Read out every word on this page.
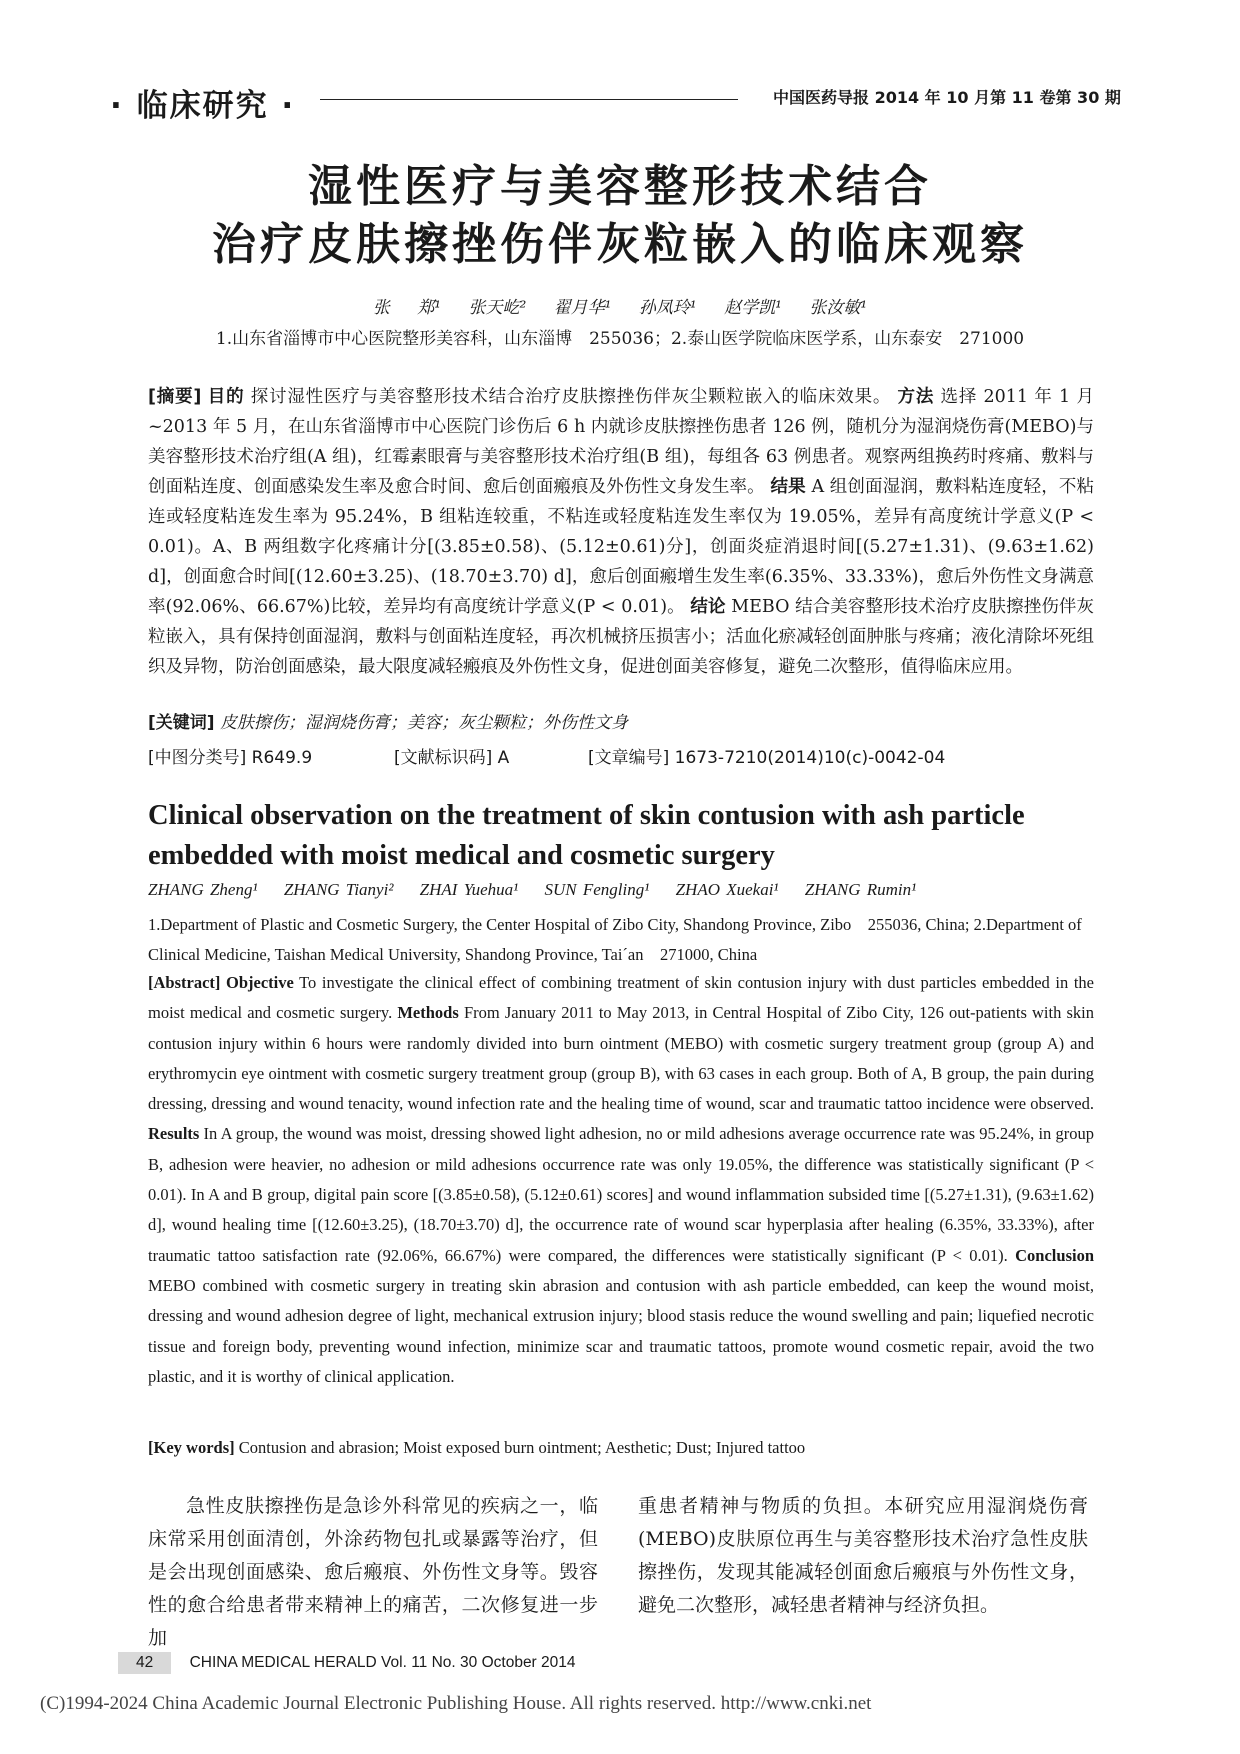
· 临床研究 ·	中国医药导报 2014 年 10 月第 11 卷第 30 期
湿性医疗与美容整形技术结合
治疗皮肤擦挫伤伴灰粒嵌入的临床观察
张 郑¹ 张天屹² 翟月华¹ 孙凤玲¹ 赵学凯¹ 张汝敏¹
1.山东省淄博市中心医院整形美容科，山东淄博　255036；2.泰山医学院临床医学系，山东泰安　271000
[摘要] 目的 探讨湿性医疗与美容整形技术结合治疗皮肤擦挫伤伴灰尘颗粒嵌入的临床效果。 方法 选择 2011 年 1 月~2013 年 5 月，在山东省淄博市中心医院门诊伤后 6 h 内就诊皮肤擦挫伤患者 126 例，随机分为湿润烧伤膏(MEBO)与美容整形技术治疗组(A 组)，红霉素眼膏与美容整形技术治疗组(B 组)，每组各 63 例患者。观察两组换药时疼痛、敷料与创面粘连度、创面感染发生率及愈合时间、愈后创面瘢痕及外伤性文身发生率。 结果 A 组创面湿润，敷料粘连度轻，不粘连或轻度粘连发生率为 95.24%，B 组粘连较重，不粘连或轻度粘连发生率仅为 19.05%，差异有高度统计学意义(P < 0.01)。A、B 两组数字化疼痛计分[(3.85±0.58)、(5.12±0.61)分]，创面炎症消退时间[(5.27±1.31)、(9.63±1.62) d]，创面愈合时间[(12.60±3.25)、(18.70±3.70) d]，愈后创面瘢增生发生率(6.35%、33.33%)，愈后外伤性文身满意率(92.06%、66.67%)比较，差异均有高度统计学意义(P < 0.01)。 结论 MEBO 结合美容整形技术治疗皮肤擦挫伤伴灰粒嵌入，具有保持创面湿润，敷料与创面粘连度轻，再次机械挤压损害小；活血化瘀减轻创面肿胀与疼痛；液化清除坏死组织及异物，防治创面感染，最大限度减轻瘢痕及外伤性文身，促进创面美容修复，避免二次整形，值得临床应用。
[关键词] 皮肤擦伤；湿润烧伤膏；美容；灰尘颗粒；外伤性文身
[中图分类号] R649.9	[文献标识码] A	[文章编号] 1673-7210(2014)10(c)-0042-04
Clinical observation on the treatment of skin contusion with ash particle
embedded with moist medical and cosmetic surgery
ZHANG Zheng¹ ZHANG Tianyi² ZHAI Yuehua¹ SUN Fengling¹ ZHAO Xuekai¹ ZHANG Rumin¹
1.Department of Plastic and Cosmetic Surgery, the Center Hospital of Zibo City, Shandong Province, Zibo　255036, China; 2.Department of Clinical Medicine, Taishan Medical University, Shandong Province, Tai´an　271000, China
[Abstract] Objective To investigate the clinical effect of combining treatment of skin contusion injury with dust particles embedded in the moist medical and cosmetic surgery. Methods From January 2011 to May 2013, in Central Hospital of Zibo City, 126 out-patients with skin contusion injury within 6 hours were randomly divided into burn ointment (MEBO) with cosmetic surgery treatment group (group A) and erythromycin eye ointment with cosmetic surgery treatment group (group B), with 63 cases in each group. Both of A, B group, the pain during dressing, dressing and wound tenacity, wound infection rate and the healing time of wound, scar and traumatic tattoo incidence were observed. Results In A group, the wound was moist, dressing showed light adhesion, no or mild adhesions average occurrence rate was 95.24%, in group B, adhesion were heavier, no adhesion or mild adhesions occurrence rate was only 19.05%, the difference was statistically significant (P < 0.01). In A and B group, digital pain score [(3.85±0.58), (5.12±0.61) scores] and wound inflammation subsided time [(5.27±1.31), (9.63±1.62) d], wound healing time [(12.60±3.25), (18.70±3.70) d], the occurrence rate of wound scar hyperplasia after healing (6.35%, 33.33%), after traumatic tattoo satisfaction rate (92.06%, 66.67%) were compared, the differences were statistically significant (P < 0.01). Conclusion MEBO combined with cosmetic surgery in treating skin abrasion and contusion with ash particle embedded, can keep the wound moist, dressing and wound adhesion degree of light, mechanical extrusion injury; blood stasis reduce the wound swelling and pain; liquefied necrotic tissue and foreign body, preventing wound infection, minimize scar and traumatic tattoos, promote wound cosmetic repair, avoid the two plastic, and it is worthy of clinical application.
[Key words] Contusion and abrasion; Moist exposed burn ointment; Aesthetic; Dust; Injured tattoo
急性皮肤擦挫伤是急诊外科常见的疾病之一，临床常采用创面清创，外涂药物包扎或暴露等治疗，但是会出现创面感染、愈后瘢痕、外伤性文身等。毁容性的愈合给患者带来精神上的痛苦，二次修复进一步加
重患者精神与物质的负担。本研究应用湿润烧伤膏(MEBO)皮肤原位再生与美容整形技术治疗急性皮肤擦挫伤，发现其能减轻创面愈后瘢痕与外伤性文身，避免二次整形，减轻患者精神与经济负担。
42 CHINA MEDICAL HERALD Vol. 11 No. 30 October 2014
(C)1994-2024 China Academic Journal Electronic Publishing House. All rights reserved. http://www.cnki.net
